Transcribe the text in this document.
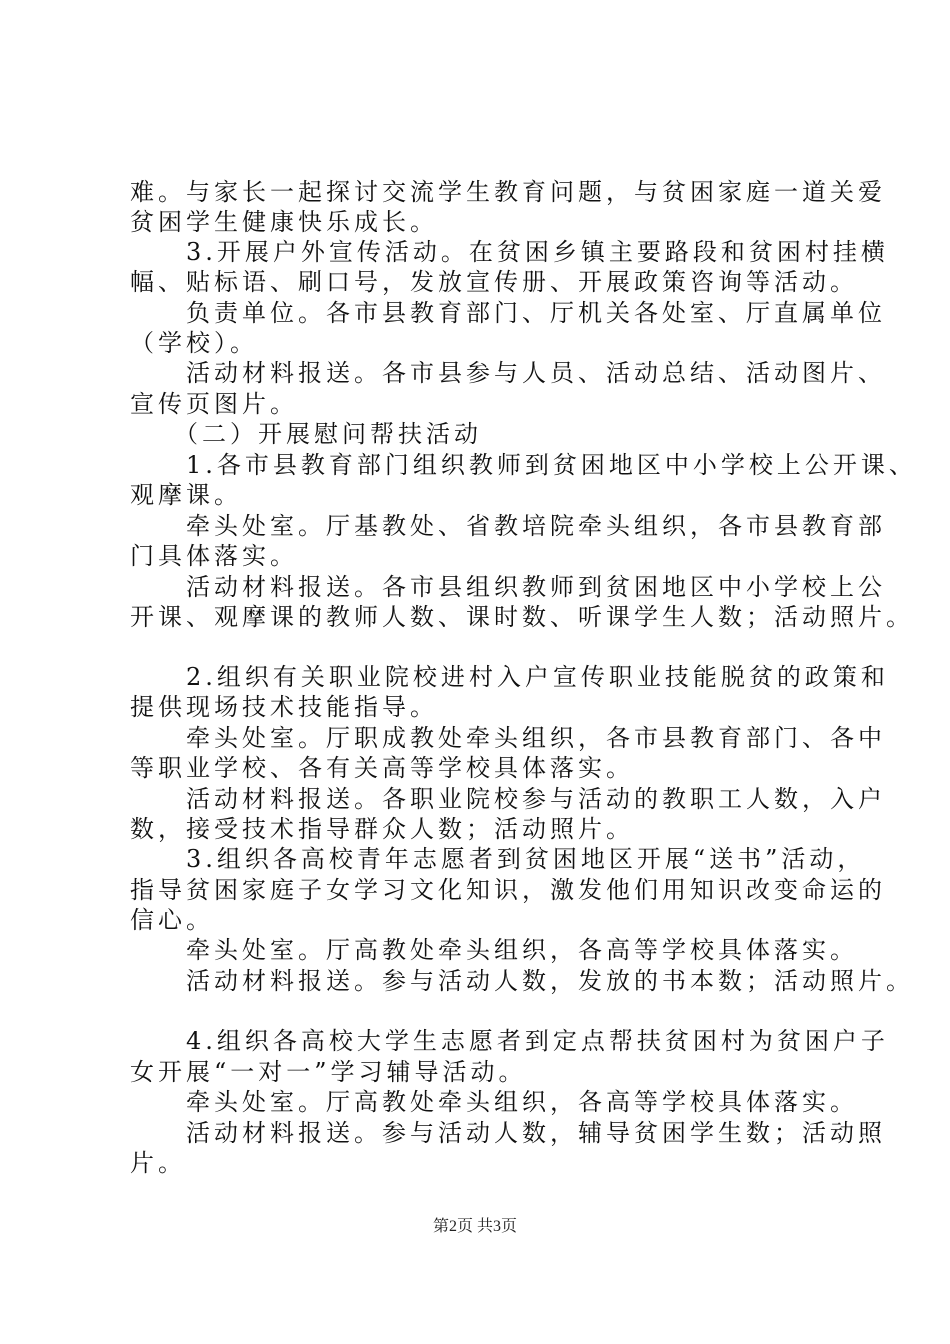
难。与家长一起探讨交流学生教育问题，与贫困家庭一道关爱
贫困学生健康快乐成长。
　　3.开展户外宣传活动。在贫困乡镇主要路段和贫困村挂横
幅、贴标语、刷口号，发放宣传册、开展政策咨询等活动。
　　负责单位。各市县教育部门、厅机关各处室、厅直属单位
（学校）。
　　活动材料报送。各市县参与人员、活动总结、活动图片、
宣传页图片。
　　（二）开展慰问帮扶活动
　　1.各市县教育部门组织教师到贫困地区中小学校上公开课、
观摩课。
　　牵头处室。厅基教处、省教培院牵头组织，各市县教育部
门具体落实。
　　活动材料报送。各市县组织教师到贫困地区中小学校上公
开课、观摩课的教师人数、课时数、听课学生人数；活动照片。
　　2.组织有关职业院校进村入户宣传职业技能脱贫的政策和
提供现场技术技能指导。
　　牵头处室。厅职成教处牵头组织，各市县教育部门、各中
等职业学校、各有关高等学校具体落实。
　　活动材料报送。各职业院校参与活动的教职工人数，入户
数，接受技术指导群众人数；活动照片。
　　3.组织各高校青年志愿者到贫困地区开展“送书”活动，
指导贫困家庭子女学习文化知识，激发他们用知识改变命运的
信心。
　　牵头处室。厅高教处牵头组织，各高等学校具体落实。
　　活动材料报送。参与活动人数，发放的书本数；活动照片。
　　4.组织各高校大学生志愿者到定点帮扶贫困村为贫困户子
女开展“一对一”学习辅导活动。
　　牵头处室。厅高教处牵头组织，各高等学校具体落实。
　　活动材料报送。参与活动人数，辅导贫困学生数；活动照
片。
第2页 共3页
